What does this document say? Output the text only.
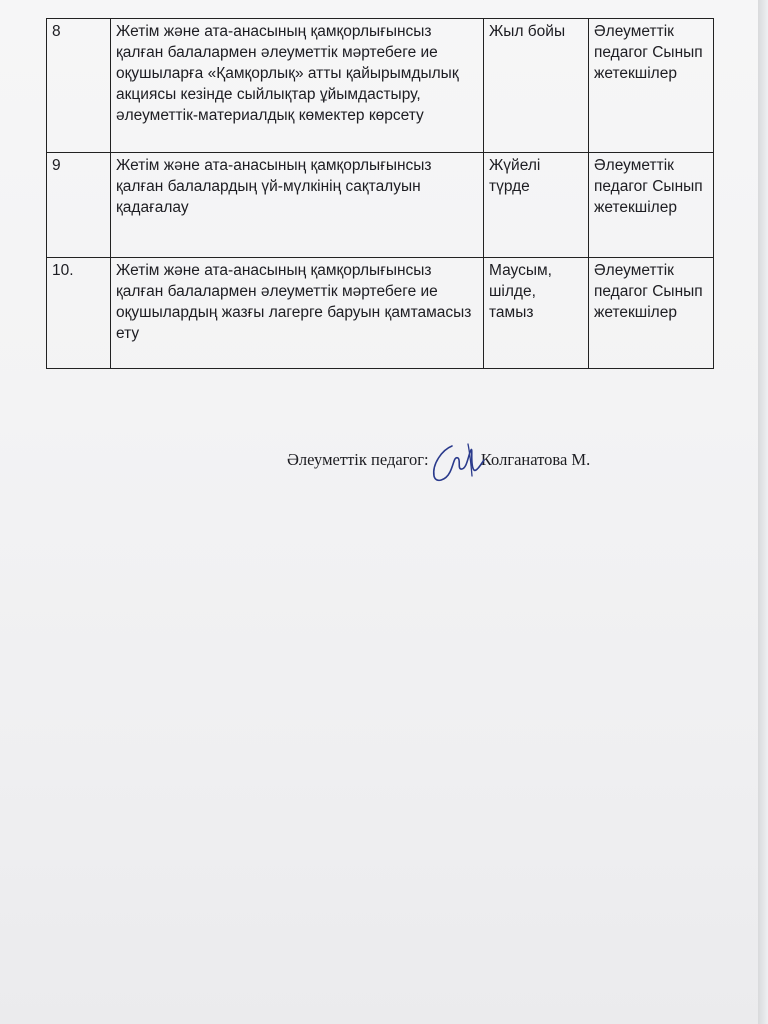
8	Жетім және ата-анасының қамқорлығынсыз қалған балалармен әлеуметтік мәртебеге ие оқушыларға «Қамқорлық» атты қайырымдылық акциясы кезінде сыйлықтар ұйымдастыру, әлеуметтік-материалдық көмектер көрсету	Жыл бойы	Әлеуметтік педагог Сынып жетекшілер
9	Жетім және ата-анасының қамқорлығынсыз қалған балалардың үй-мүлкінің сақталуын қадағалау	Жүйелі түрде	Әлеуметтік педагог Сынып жетекшілер
10.	Жетім және ата-анасының қамқорлығынсыз қалған балалармен әлеуметтік мәртебеге ие оқушылардың жазғы лагерге баруын қамтамасыз ету	Маусым, шілде, тамыз	Әлеуметтік педагог Сынып жетекшілер
Әлеуметтік педагог:	Колганатова М.
